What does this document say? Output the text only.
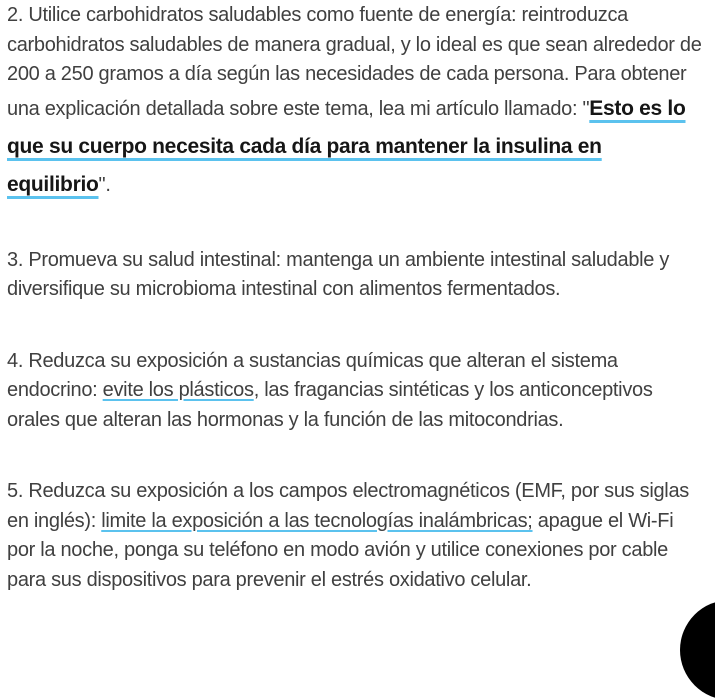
2. Utilice carbohidratos saludables como fuente de energía: reintroduzca carbohidratos saludables de manera gradual, y lo ideal es que sean alrededor de 200 a 250 gramos a día según las necesidades de cada persona. Para obtener una explicación detallada sobre este tema, lea mi artículo llamado: "Esto es lo que su cuerpo necesita cada día para mantener la insulina en equilibrio".

3. Promueva su salud intestinal: mantenga un ambiente intestinal saludable y diversifique su microbioma intestinal con alimentos fermentados.

4. Reduzca su exposición a sustancias químicas que alteran el sistema endocrino: evite los plásticos, las fragancias sintéticas y los anticonceptivos orales que alteran las hormonas y la función de las mitocondrias.

5. Reduzca su exposición a los campos electromagnéticos (EMF, por sus siglas en inglés): limite la exposición a las tecnologías inalámbricas; apague el Wi-Fi por la noche, ponga su teléfono en modo avión y utilice conexiones por cable para sus dispositivos para prevenir el estrés oxidativo celular.
